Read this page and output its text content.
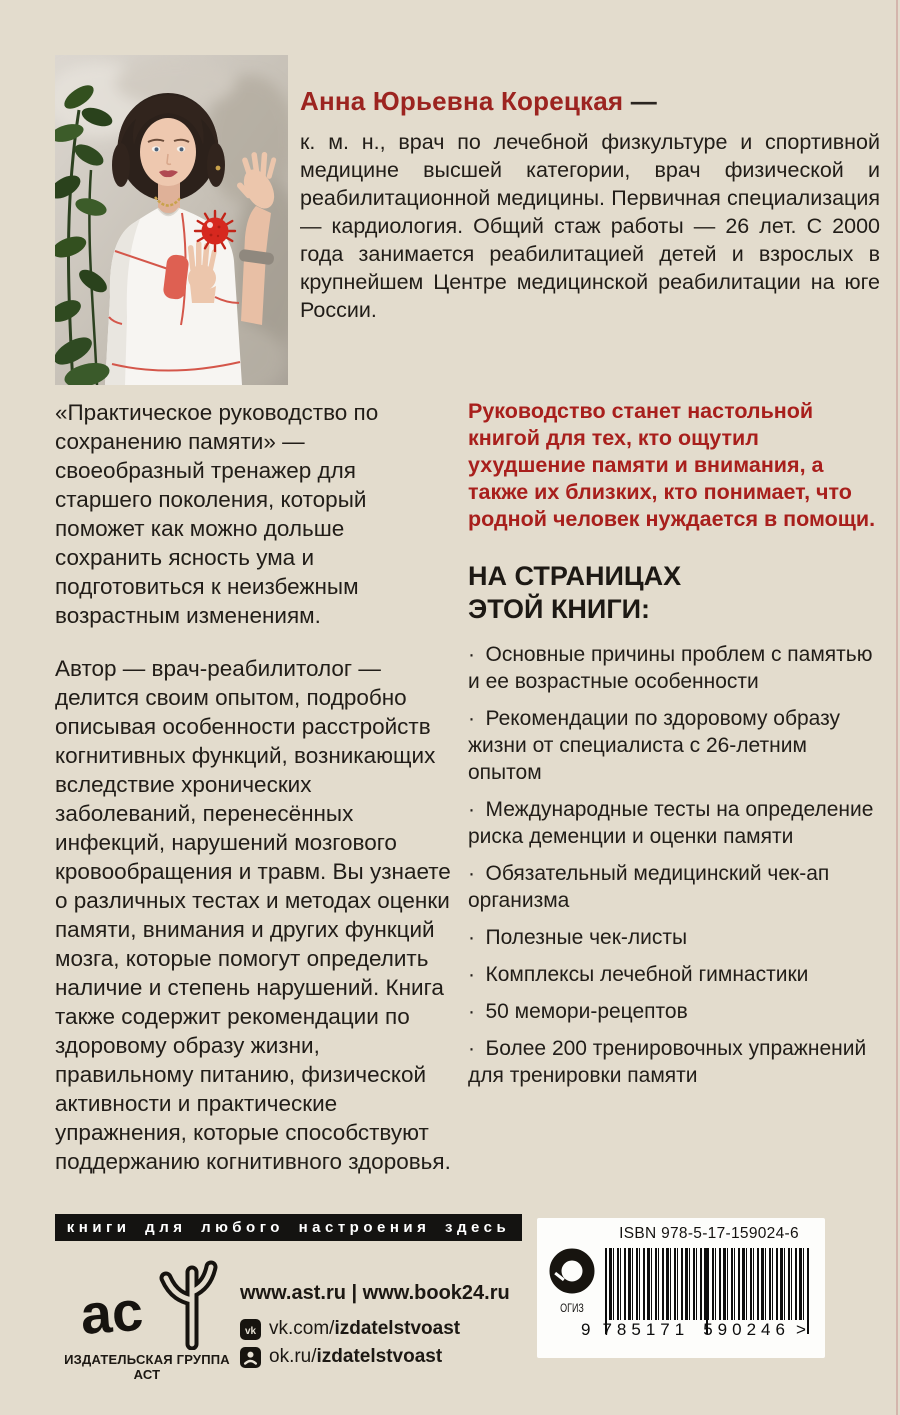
Анна Юрьевна Корецкая —

к. м. н., врач по лечебной физкультуре и спортивной медицине высшей категории, врач физической и реабилитационной медицины. Первичная специализация — кардиология. Общий стаж работы — 26 лет. С 2000 года занимается реабилитацией детей и взрослых в крупнейшем Центре медицинской реабилитации на юге России.

«Практическое руководство по сохранению памяти» — своеобразный тренажер для старшего поколения, который поможет как можно дольше сохранить ясность ума и подготовиться к неизбежным возрастным изменениям.

Автор — врач-реабилитолог — делится своим опытом, подробно описывая особенности расстройств когнитивных функций, возникающих вследствие хронических заболеваний, перенесённых инфекций, нарушений мозгового кровообращения и травм. Вы узнаете о различных тестах и методах оценки памяти, внимания и других функций мозга, которые помогут определить наличие и степень нарушений. Книга также содержит рекомендации по здоровому образу жизни, правильному питанию, физической активности и практические упражнения, которые способствуют поддержанию когнитивного здоровья.

Руководство станет настольной книгой для тех, кто ощутил ухудшение памяти и внимания, а также их близких, кто понимает, что родной человек нуждается в помощи.

НА СТРАНИЦАХ
ЭТОЙ КНИГИ:

· Основные причины проблем с памятью и ее возрастные особенности

· Рекомендации по здоровому образу жизни от специалиста с 26-летним опытом

· Международные тесты на определение риска деменции и оценки памяти

· Обязательный медицинский чек-ап организма

· Полезные чек-листы

· Комплексы лечебной гимнастики

· 50 мемори-рецептов

· Более 200 тренировочных упражнений для тренировки памяти

книги для любого настроения здесь
ас
ИЗДАТЕЛЬСКАЯ ГРУППА АСТ
www.ast.ru | www.book24.ru
vk vk.com/izdatelstvoast
ok.ru/izdatelstvoast
ISBN 978-5-17-159024-6
ОГИЗ
9 785171 590246 >
